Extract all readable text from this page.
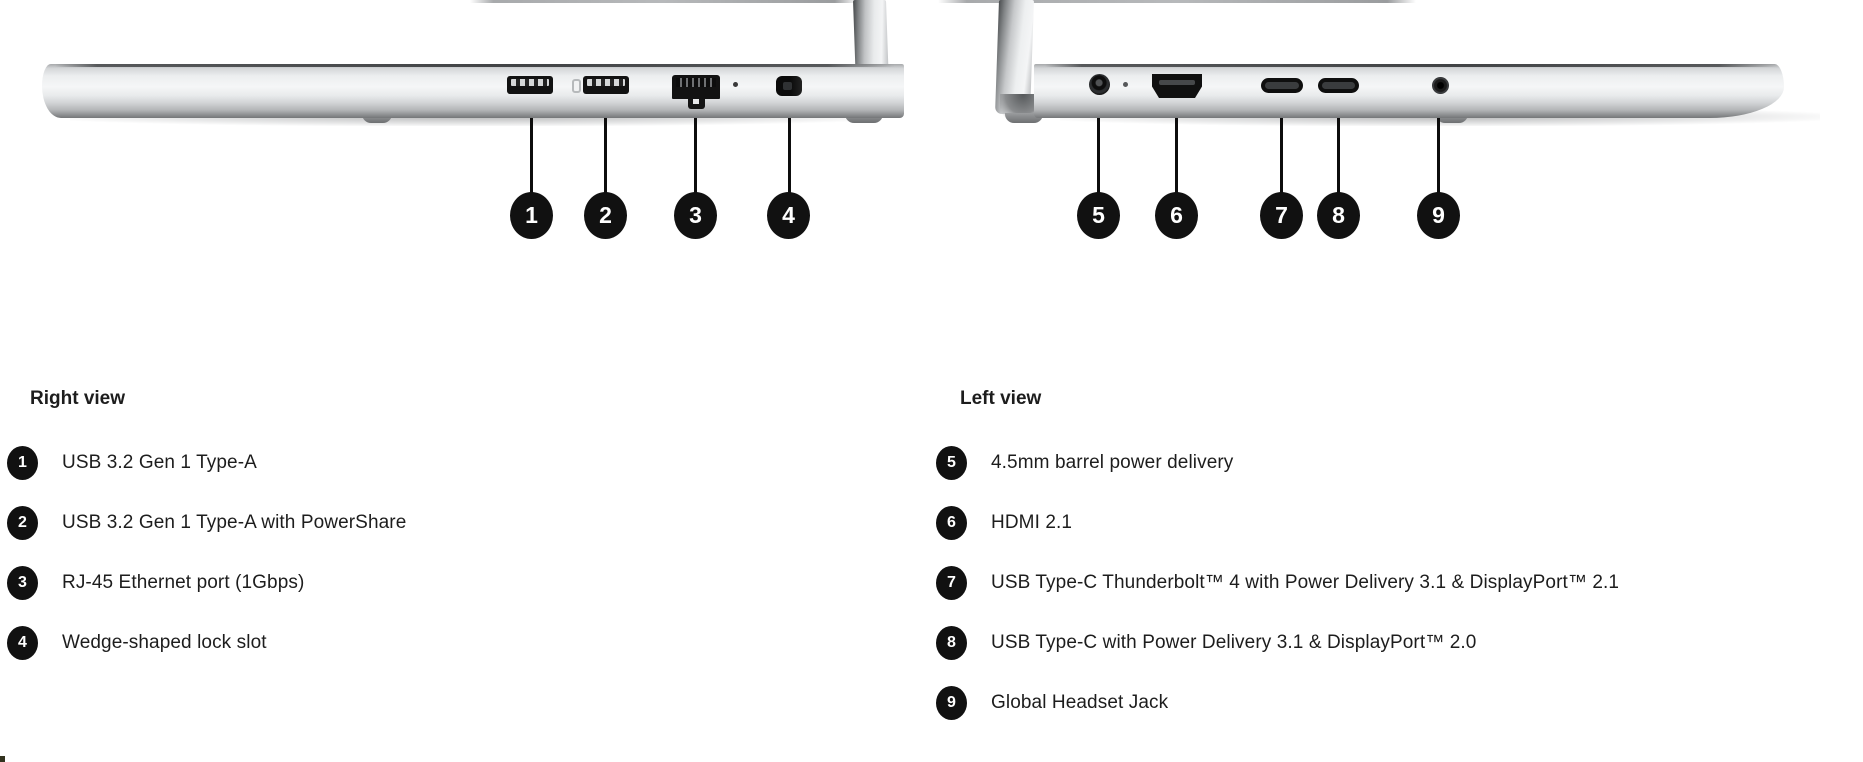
1	2	3	4	5	6	7	8	9
Right view
1	USB 3.2 Gen 1 Type-A
2	USB 3.2 Gen 1 Type-A with PowerShare
3	RJ-45 Ethernet port (1Gbps)
4	Wedge-shaped lock slot
Left view
5	4.5mm barrel power delivery
6	HDMI 2.1
7	USB Type-C Thunderbolt™ 4 with Power Delivery 3.1 & DisplayPort™ 2.1
8	USB Type-C with Power Delivery 3.1 & DisplayPort™ 2.0
9	Global Headset Jack
